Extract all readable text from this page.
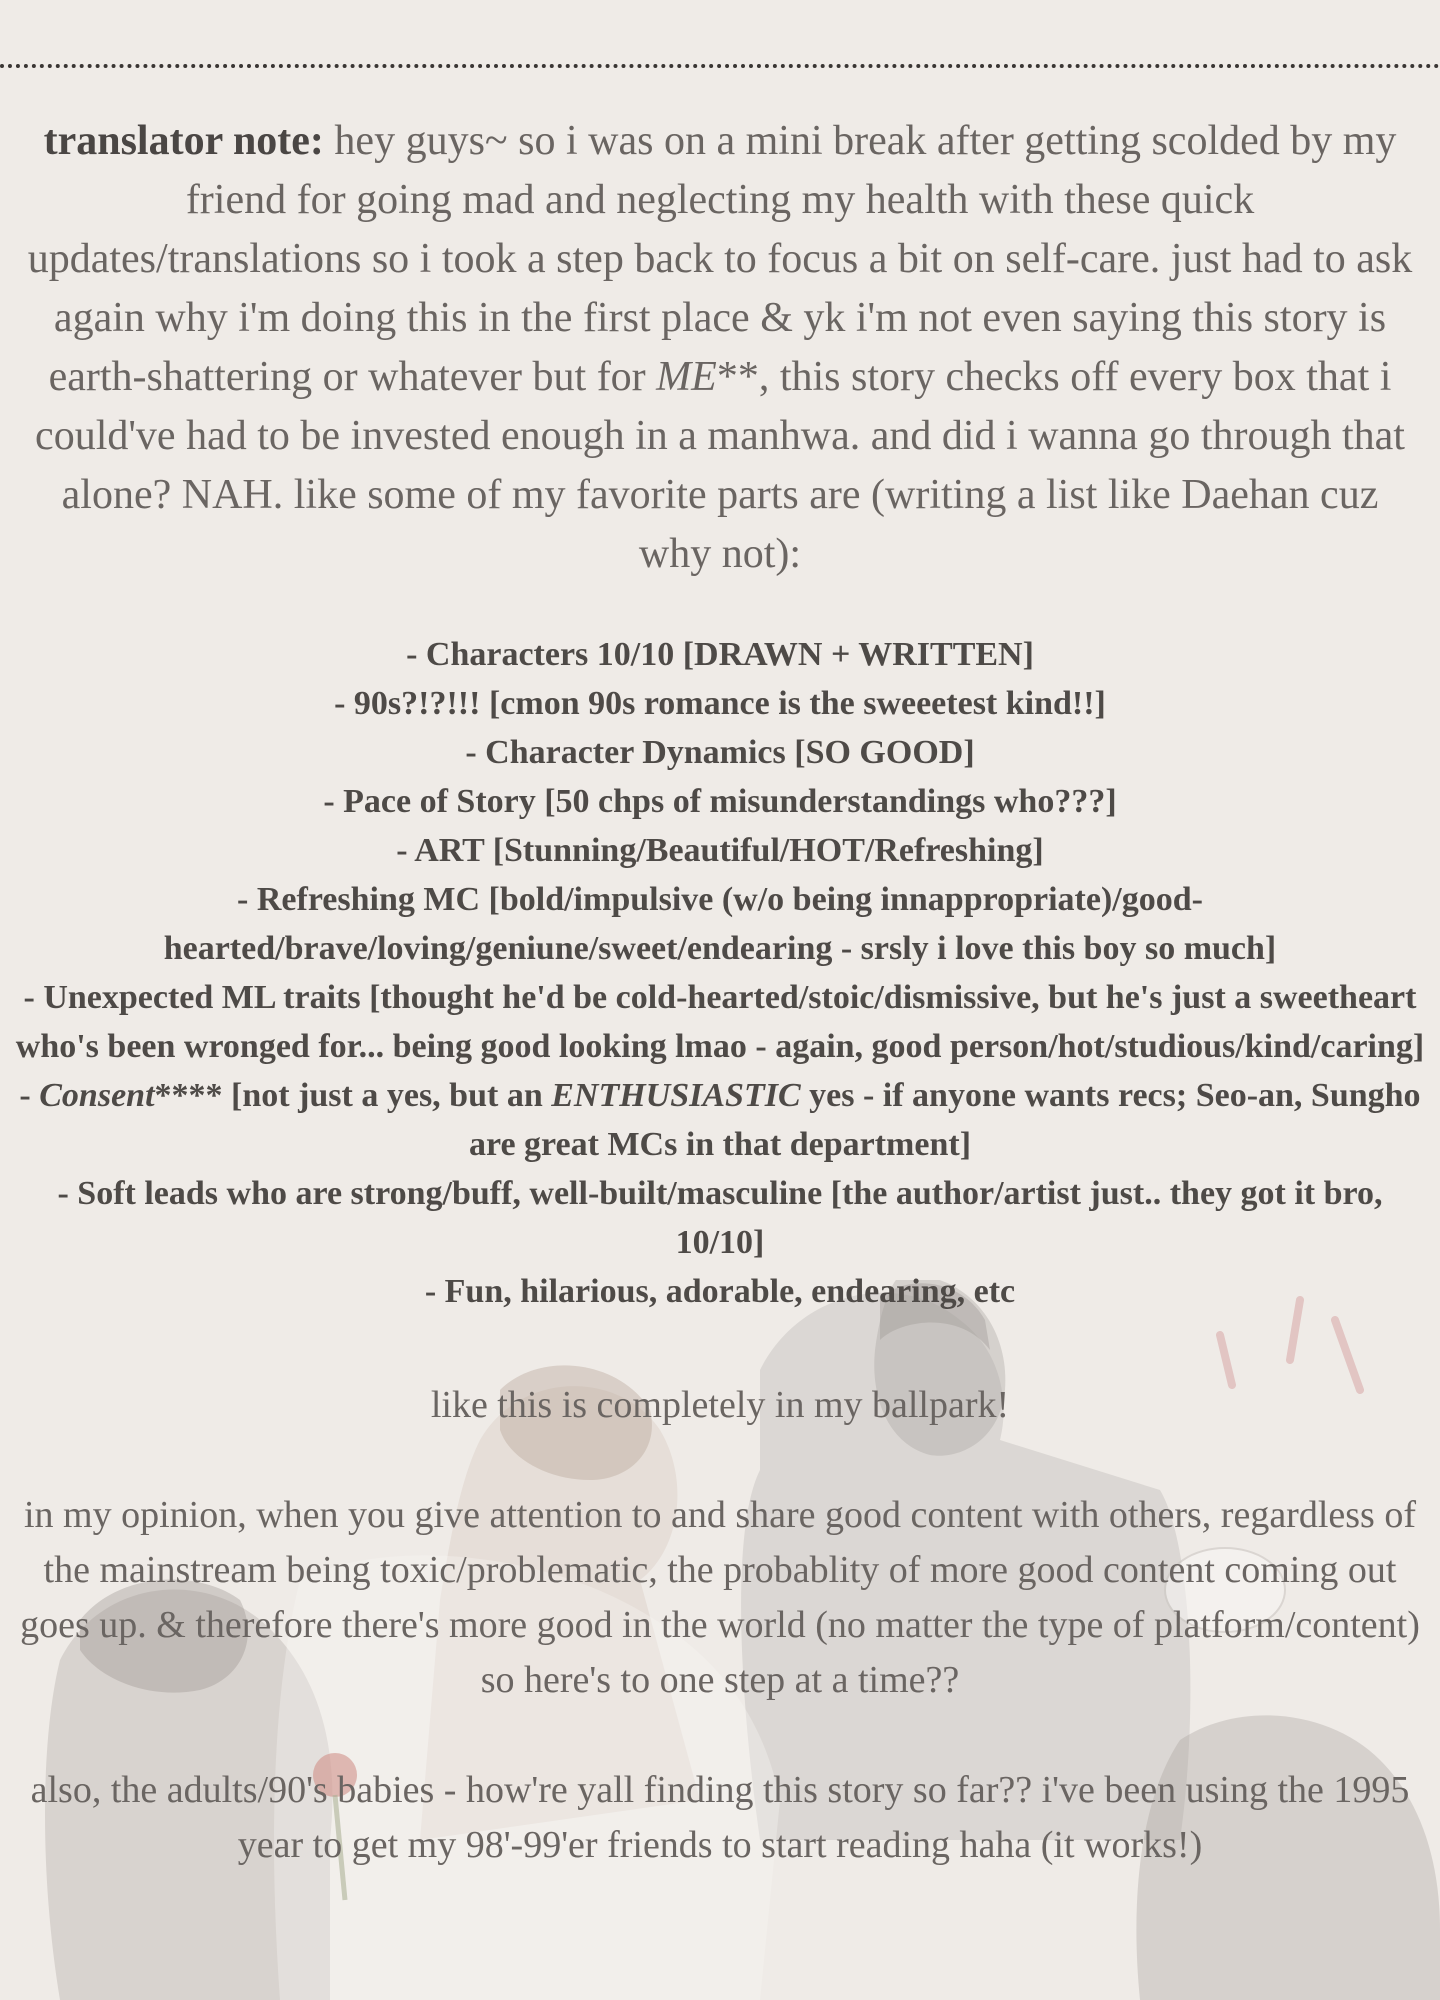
translator note: hey guys~ so i was on a mini break after getting scolded by my friend for going mad and neglecting my health with these quick updates/translations so i took a step back to focus a bit on self-care. just had to ask again why i'm doing this in the first place & yk i'm not even saying this story is earth-shattering or whatever but for ME**, this story checks off every box that i could've had to be invested enough in a manhwa. and did i wanna go through that alone? NAH. like some of my favorite parts are (writing a list like Daehan cuz why not):

- Characters 10/10 [DRAWN + WRITTEN]
- 90s?!?!!! [cmon 90s romance is the sweeetest kind!!]
- Character Dynamics [SO GOOD]
- Pace of Story [50 chps of misunderstandings who???]
- ART [Stunning/Beautiful/HOT/Refreshing]
- Refreshing MC [bold/impulsive (w/o being innappropriate)/good-hearted/brave/loving/geniune/sweet/endearing - srsly i love this boy so much]
- Unexpected ML traits [thought he'd be cold-hearted/stoic/dismissive, but he's just a sweetheart who's been wronged for... being good looking lmao - again, good person/hot/studious/kind/caring]
- Consent**** [not just a yes, but an ENTHUSIASTIC yes - if anyone wants recs; Seo-an, Sungho are great MCs in that department]
- Soft leads who are strong/buff, well-built/masculine [the author/artist just.. they got it bro, 10/10]
- Fun, hilarious, adorable, endearing, etc

like this is completely in my ballpark!

in my opinion, when you give attention to and share good content with others, regardless of the mainstream being toxic/problematic, the probablity of more good content coming out goes up. & therefore there's more good in the world (no matter the type of platform/content) so here's to one step at a time??

also, the adults/90's babies - how're yall finding this story so far?? i've been using the 1995 year to get my 98'-99'er friends to start reading haha (it works!)
